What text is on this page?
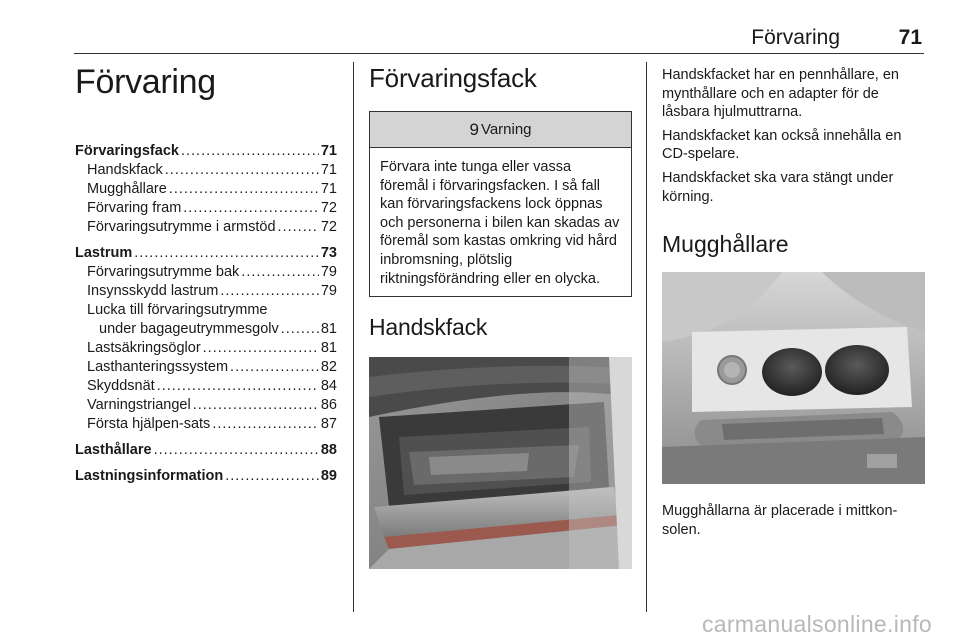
Förvaring	71
Förvaring
Förvaringsfack .....	71
Handskfack .....	71
Mugghållare .....	71
Förvaring fram .....	72
Förvaringsutrymme i armstöd .....	72
Lastrum .....	73
Förvaringsutrymme bak .....	79
Insynsskydd lastrum .....	79
Lucka till förvaringsutrymme
under bagageutrymmesgolv .....	81
Lastsäkringsöglor .....	81
Lasthanteringssystem .....	82
Skyddsnät .....	84
Varningstriangel .....	86
Första hjälpen-sats .....	87
Lasthållare .....	88
Lastningsinformation .....	89
Förvaringsfack
9 Varning
Förvara inte tunga eller vassa föremål i förvaringsfacken. I så fall kan förvaringsfackens lock öppnas och personerna i bilen kan skadas av föremål som kastas omkring vid hård inbromsning, plötslig riktningsförändring eller en olycka.
Handskfack

Handskfacket har en pennhållare, en mynthållare och en adapter för de låsbara hjulmuttrarna.

Handskfacket kan också innehålla en CD-spelare.

Handskfacket ska vara stängt under körning.

Mugghållare

Mugghållarna är placerade i mittkon-solen.

carmanualsonline.info
